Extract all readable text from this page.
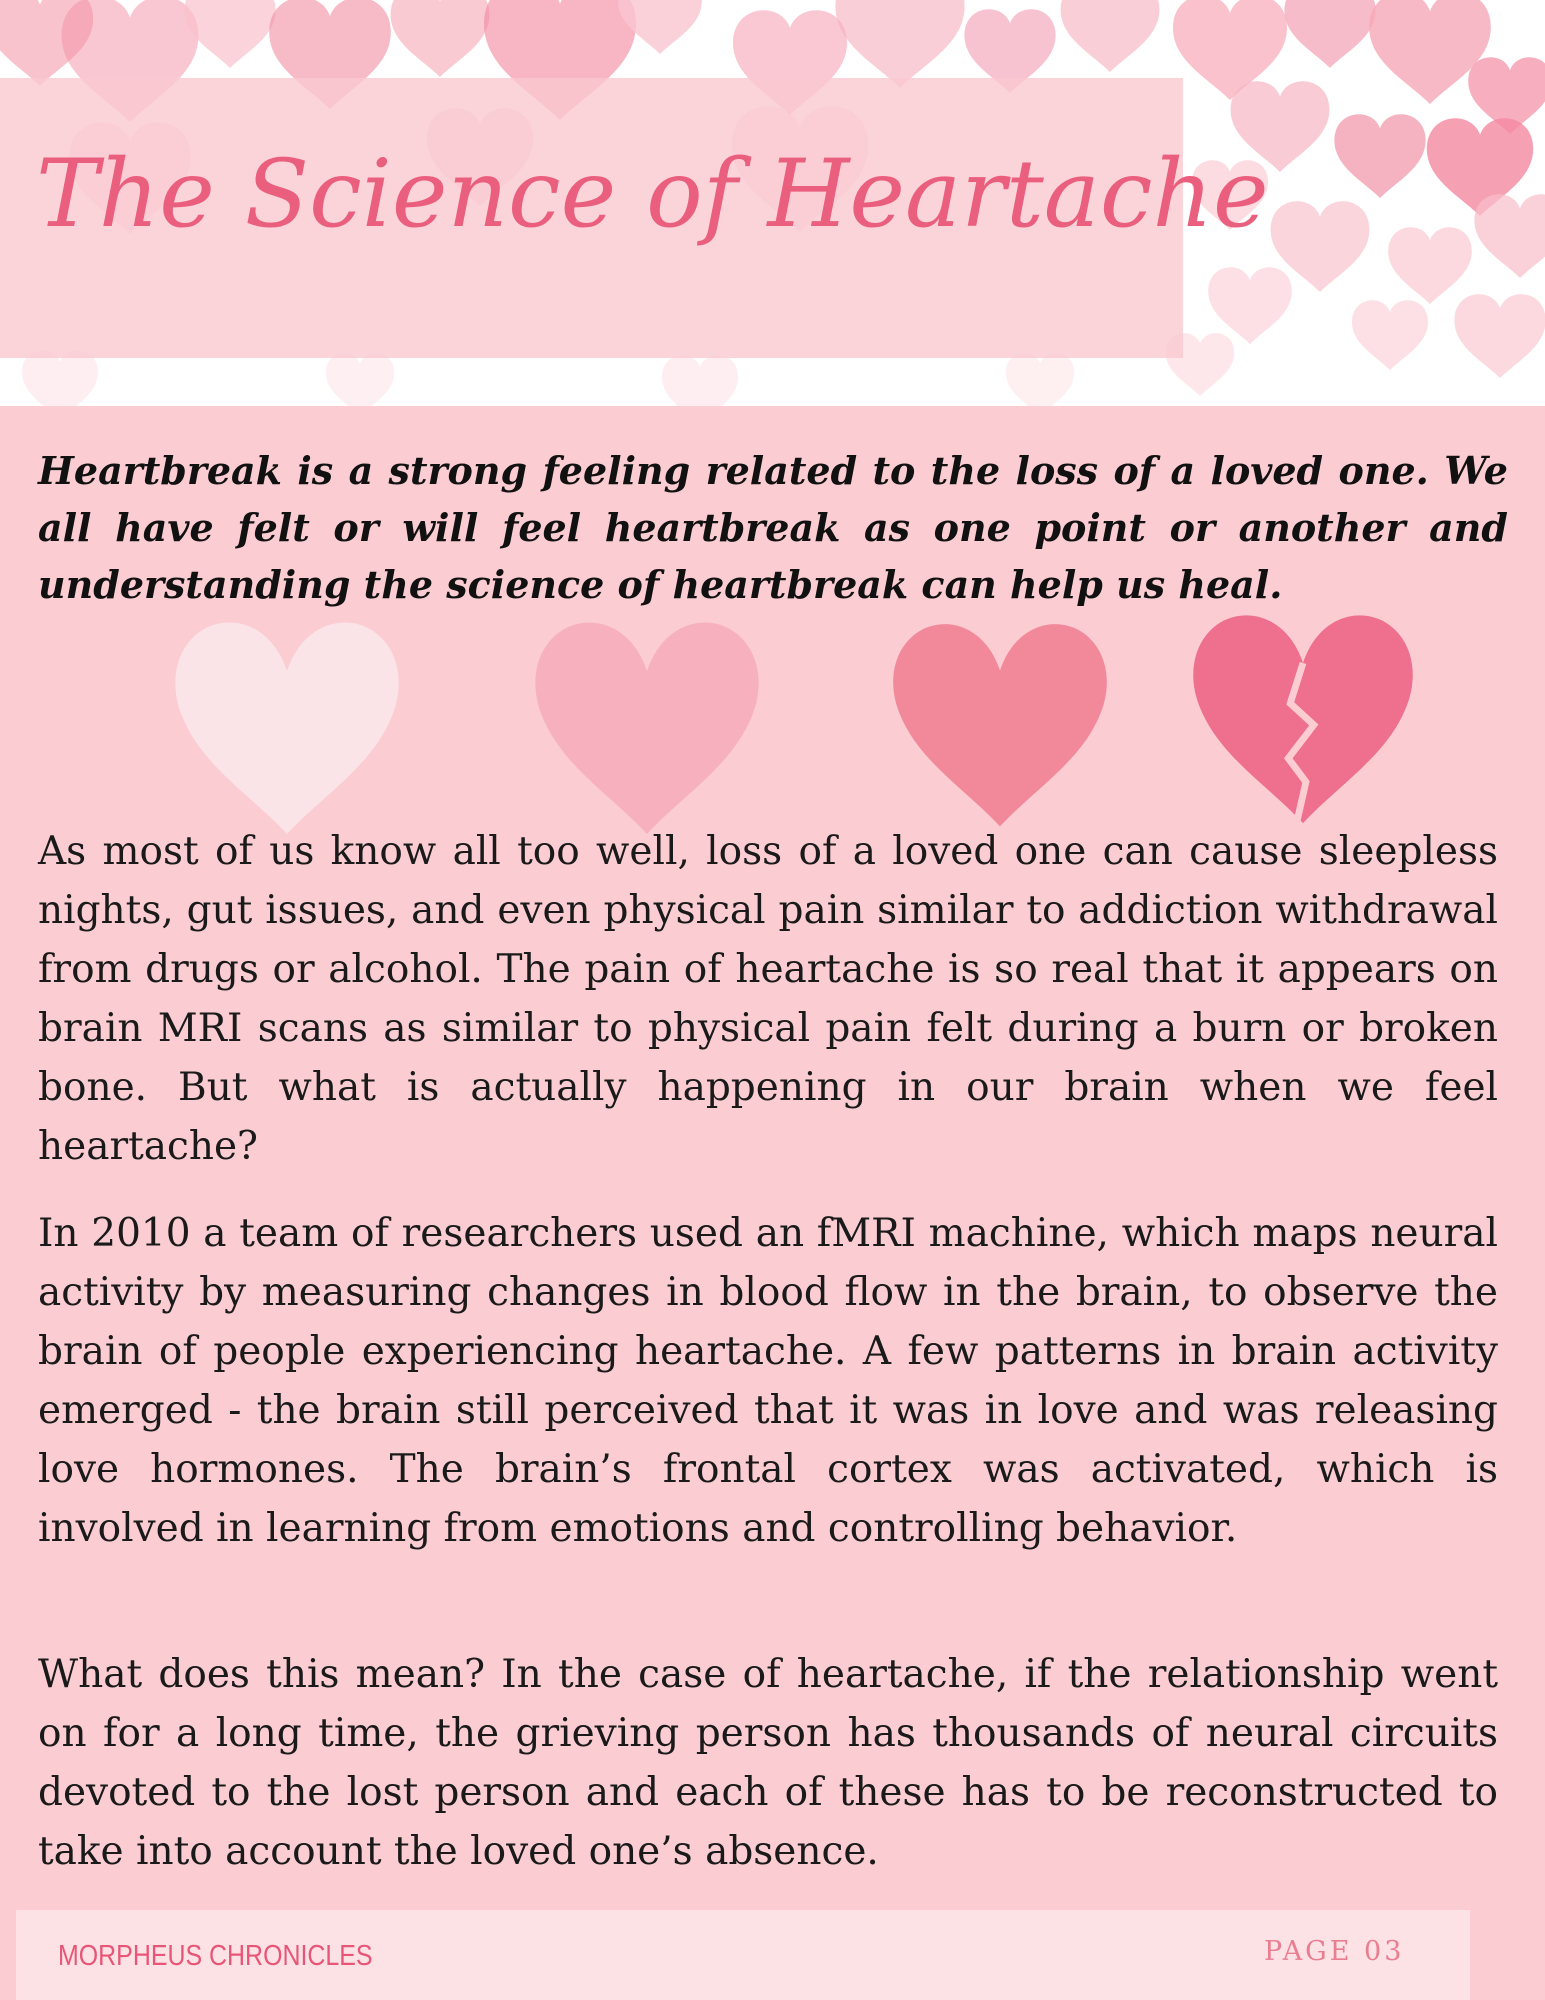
The Science of Heartache

Heartbreak is a strong feeling related to the loss of a loved one. We all have felt or will feel heartbreak as one point or another and understanding the science of heartbreak can help us heal.

As most of us know all too well, loss of a loved one can cause sleepless nights, gut issues, and even physical pain similar to addiction withdrawal from drugs or alcohol. The pain of heartache is so real that it appears on brain MRI scans as similar to physical pain felt during a burn or broken bone. But what is actually happening in our brain when we feel heartache?

In 2010 a team of researchers used an fMRI machine, which maps neural activity by measuring changes in blood flow in the brain, to observe the brain of people experiencing heartache. A few patterns in brain activity emerged - the brain still perceived that it was in love and was releasing love hormones. The brain’s frontal cortex was activated, which is involved in learning from emotions and controlling behavior.

What does this mean? In the case of heartache, if the relationship went on for a long time, the grieving person has thousands of neural circuits devoted to the lost person and each of these has to be reconstructed to take into account the loved one’s absence.

MORPHEUS CHRONICLES	PAGE 03
